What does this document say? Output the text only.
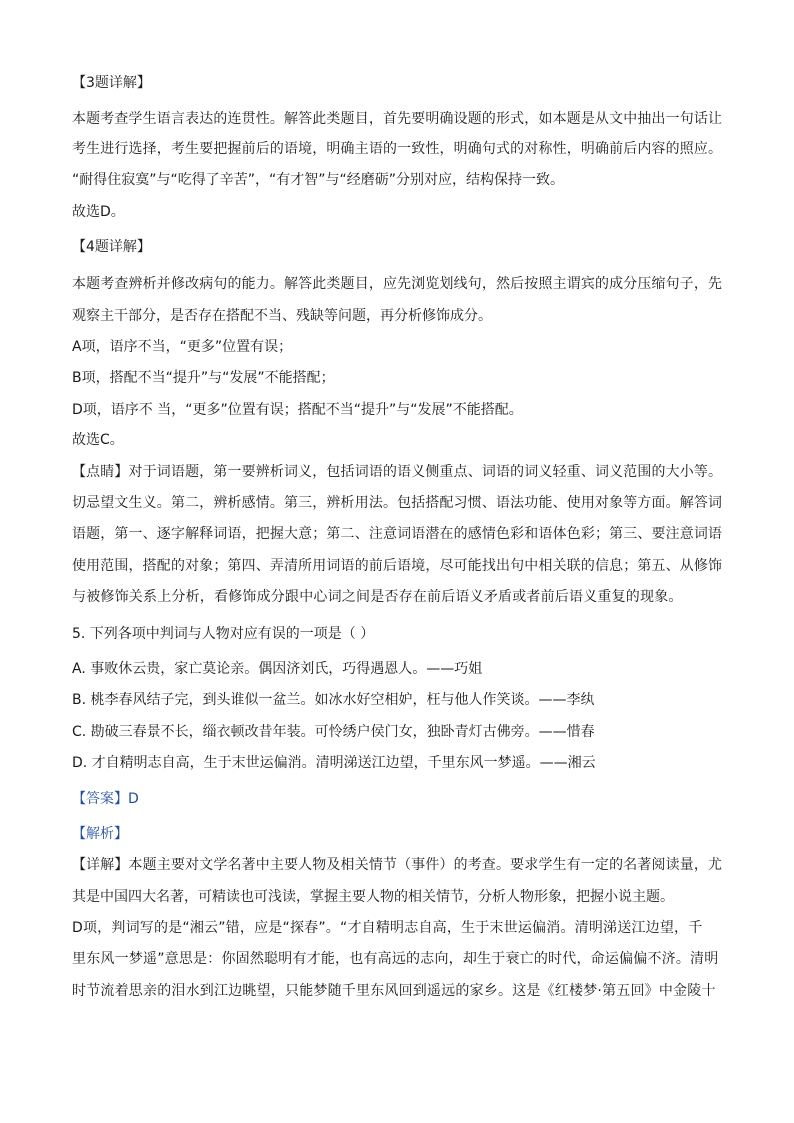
【3题详解】
本题考查学生语言表达的连贯性。解答此类题目，首先要明确设题的形式，如本题是从文中抽出一句话让
考生进行选择，考生要把握前后的语境，明确主语的一致性，明确句式的对称性，明确前后内容的照应。
“耐得住寂寞”与“吃得了辛苦”，“有才智”与“经磨砺”分别对应，结构保持一致。
故选D。
【4题详解】
本题考查辨析并修改病句的能力。解答此类题目，应先浏览划线句，然后按照主谓宾的成分压缩句子，先
观察主干部分，是否存在搭配不当、残缺等问题，再分析修饰成分。
A项，语序不当，“更多”位置有误；
B项，搭配不当“提升”与“发展”不能搭配；
D项，语序不 当，“更多”位置有误；搭配不当“提升”与“发展”不能搭配。
故选C。
【点睛】对于词语题，第一要辨析词义，包括词语的语义侧重点、词语的词义轻重、词义范围的大小等。
切忌望文生义。第二，辨析感情。第三，辨析用法。包括搭配习惯、语法功能、使用对象等方面。解答词
语题，第一、逐字解释词语，把握大意；第二、注意词语潜在的感情色彩和语体色彩；第三、要注意词语
使用范围，搭配的对象；第四、弄清所用词语的前后语境，尽可能找出句中相关联的信息；第五、从修饰
与被修饰关系上分析，看修饰成分跟中心词之间是否存在前后语义矛盾或者前后语义重复的现象。
5. 下列各项中判词与人物对应有误的一项是（ ）
A. 事败休云贵，家亡莫论亲。偶因济刘氏，巧得遇恩人。——巧姐
B. 桃李春风结子完，到头谁似一盆兰。如冰水好空相妒，枉与他人作笑谈。——李纨
C. 勘破三春景不长，缁衣顿改昔年装。可怜绣户侯门女，独卧青灯古佛旁。——惜春
D. 才自精明志自高，生于末世运偏消。清明涕送江边望，千里东风一梦遥。——湘云
【答案】D
【解析】
【详解】本题主要对文学名著中主要人物及相关情节（事件）的考查。要求学生有一定的名著阅读量，尤
其是中国四大名著，可精读也可浅读，掌握主要人物的相关情节，分析人物形象，把握小说主题。
D项，判词写的是“湘云”错，应是“探春”。“才自精明志自高，生于末世运偏消。清明涕送江边望，千
里东风一梦遥”意思是：你固然聪明有才能，也有高远的志向，却生于衰亡的时代，命运偏偏不济。清明
时节流着思亲的泪水到江边眺望，只能梦随千里东风回到遥远的家乡。这是《红楼梦·第五回》中金陵十
